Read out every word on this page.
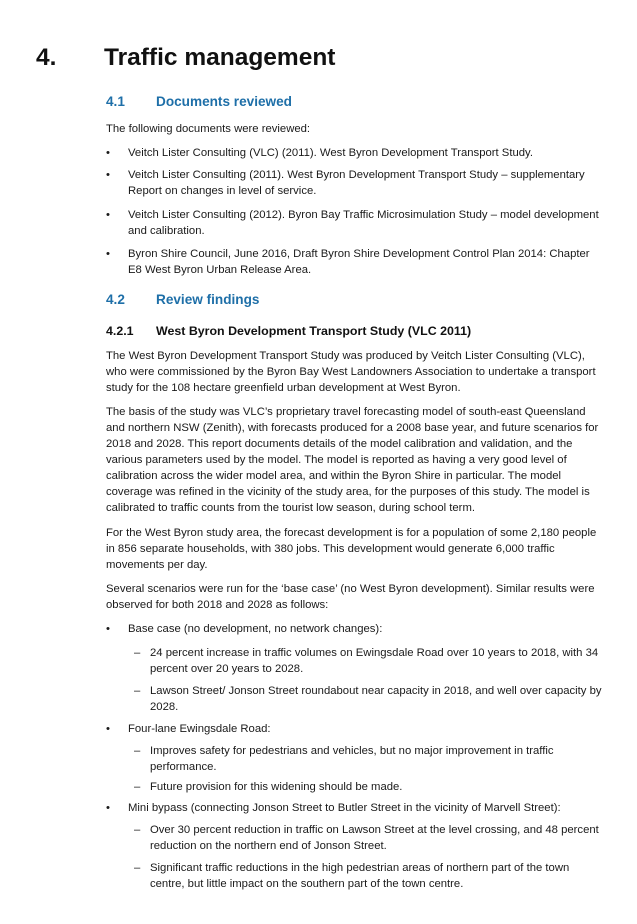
4. Traffic management
4.1 Documents reviewed

The following documents were reviewed:

• Veitch Lister Consulting (VLC) (2011). West Byron Development Transport Study.
• Veitch Lister Consulting (2011). West Byron Development Transport Study – supplementary Report on changes in level of service.
• Veitch Lister Consulting (2012). Byron Bay Traffic Microsimulation Study – model development and calibration.
• Byron Shire Council, June 2016, Draft Byron Shire Development Control Plan 2014: Chapter E8 West Byron Urban Release Area.
4.2 Review findings
4.2.1 West Byron Development Transport Study (VLC 2011)

The West Byron Development Transport Study was produced by Veitch Lister Consulting (VLC), who were commissioned by the Byron Bay West Landowners Association to undertake a transport study for the 108 hectare greenfield urban development at West Byron.

The basis of the study was VLC’s proprietary travel forecasting model of south-east Queensland and northern NSW (Zenith), with forecasts produced for a 2008 base year, and future scenarios for 2018 and 2028. This report documents details of the model calibration and validation, and the various parameters used by the model. The model is reported as having a very good level of calibration across the wider model area, and within the Byron Shire in particular. The model coverage was refined in the vicinity of the study area, for the purposes of this study. The model is calibrated to traffic counts from the tourist low season, during school term.

For the West Byron study area, the forecast development is for a population of some 2,180 people in 856 separate households, with 380 jobs. This development would generate 6,000 traffic movements per day.

Several scenarios were run for the ‘base case’ (no West Byron development). Similar results were observed for both 2018 and 2028 as follows:

• Base case (no development, no network changes):
– 24 percent increase in traffic volumes on Ewingsdale Road over 10 years to 2018, with 34 percent over 20 years to 2028.
– Lawson Street/ Jonson Street roundabout near capacity in 2018, and well over capacity by 2028.
• Four-lane Ewingsdale Road:
– Improves safety for pedestrians and vehicles, but no major improvement in traffic performance.
– Future provision for this widening should be made.
• Mini bypass (connecting Jonson Street to Butler Street in the vicinity of Marvell Street):
– Over 30 percent reduction in traffic on Lawson Street at the level crossing, and 48 percent reduction on the northern end of Jonson Street.
– Significant traffic reductions in the high pedestrian areas of northern part of the town centre, but little impact on the southern part of the town centre.
